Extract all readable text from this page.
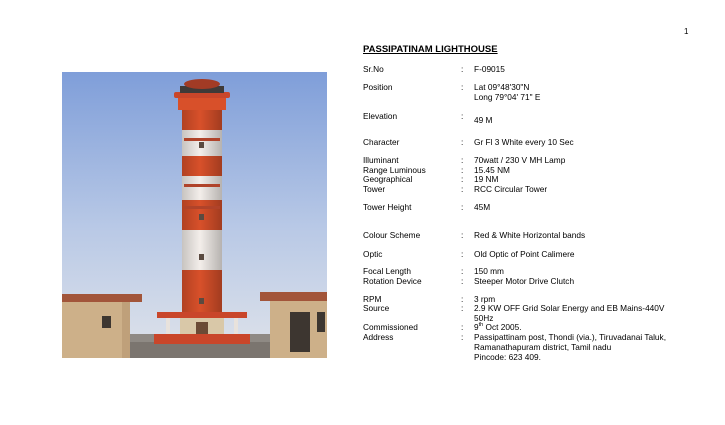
1
PASSIPATINAM LIGHTHOUSE
Sr.No	: F-09015
Position	: Lat 09°48'30"N
Long 79°04' 71" E
Elevation	: 49 M
Character	: Gr Fl 3 White every 10 Sec
Illuminant	: 70watt / 230 V MH Lamp
Range Luminous	: 15.45 NM
Geographical	: 19 NM
Tower	: RCC Circular Tower
Tower Height	: 45M
Colour Scheme	: Red & White Horizontal bands
Optic	: Old Optic of Point Calimere
Focal Length	: 150 mm
Rotation Device	: Steeper Motor Drive Clutch
RPM	: 3 rpm
Source	: 2.9 KW OFF Grid Solar Energy and EB Mains-440V
50Hz
Commissioned	: 9th Oct 2005.
Address	: Passipattinam post, Thondi (via.), Tiruvadanai Taluk,
Ramanathapuram district, Tamil nadu
Pincode: 623 409.
